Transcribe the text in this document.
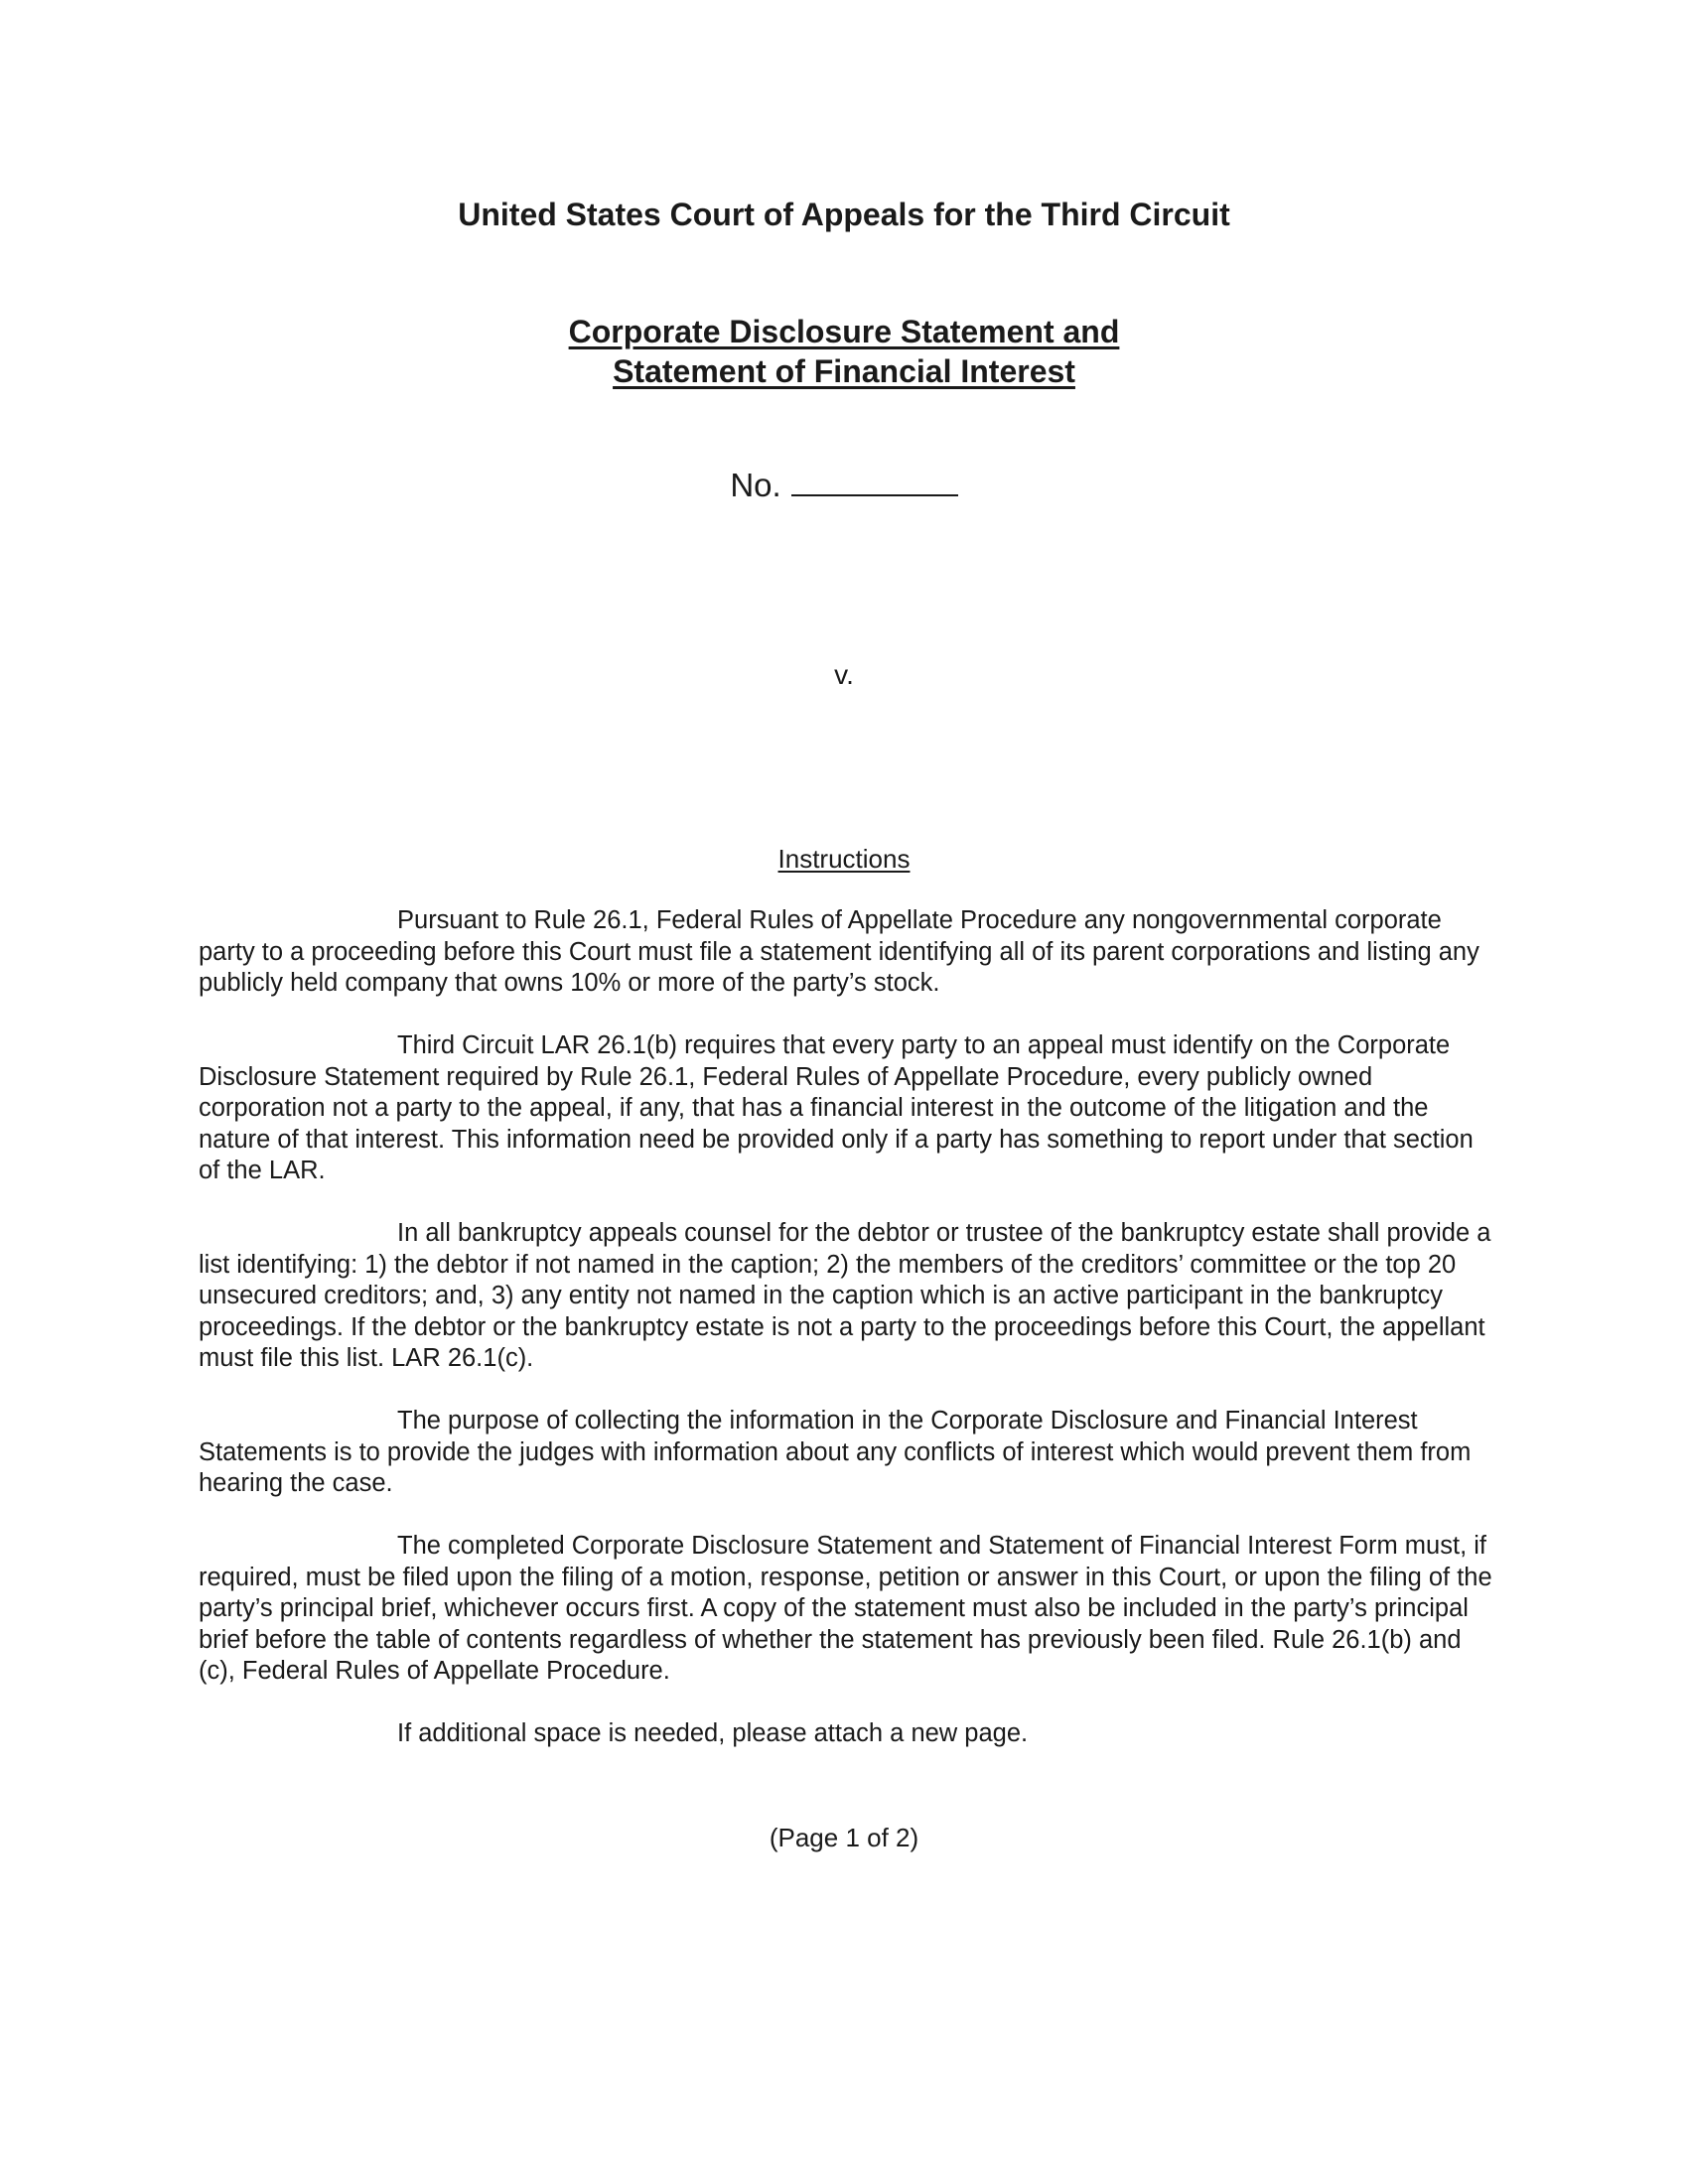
United States Court of Appeals for the Third Circuit
Corporate Disclosure Statement and
Statement of Financial Interest
No.
v.
Instructions

Pursuant to Rule 26.1, Federal Rules of Appellate Procedure any nongovernmental corporate party to a proceeding before this Court must file a statement identifying all of its parent corporations and listing any publicly held company that owns 10% or more of the party’s stock.

Third Circuit LAR 26.1(b) requires that every party to an appeal must identify on the Corporate Disclosure Statement required by Rule 26.1, Federal Rules of Appellate Procedure, every publicly owned corporation not a party to the appeal, if any, that has a financial interest in the outcome of the litigation and the nature of that interest. This information need be provided only if a party has something to report under that section of the LAR.

In all bankruptcy appeals counsel for the debtor or trustee of the bankruptcy estate shall provide a list identifying: 1) the debtor if not named in the caption; 2) the members of the creditors’ committee or the top 20 unsecured creditors; and, 3) any entity not named in the caption which is an active participant in the bankruptcy proceedings. If the debtor or the bankruptcy estate is not a party to the proceedings before this Court, the appellant must file this list. LAR 26.1(c).

The purpose of collecting the information in the Corporate Disclosure and Financial Interest Statements is to provide the judges with information about any conflicts of interest which would prevent them from hearing the case.

The completed Corporate Disclosure Statement and Statement of Financial Interest Form must, if required, must be filed upon the filing of a motion, response, petition or answer in this Court, or upon the filing of the party’s principal brief, whichever occurs first. A copy of the statement must also be included in the party’s principal brief before the table of contents regardless of whether the statement has previously been filed. Rule 26.1(b) and (c), Federal Rules of Appellate Procedure.

If additional space is needed, please attach a new page.

(Page 1 of 2)
